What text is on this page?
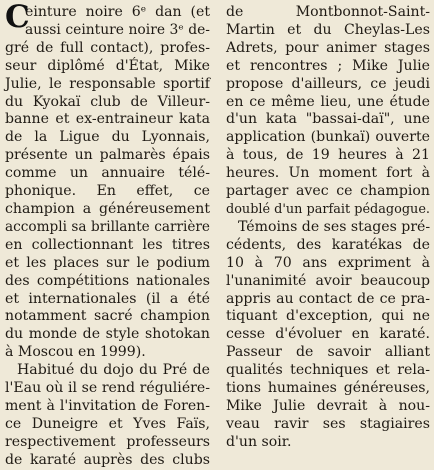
C
einture noire 6ᵉ dan (et
aussi ceinture noire 3ᵉ de-
gré de full contact), profes-
seur diplômé d'État, Mike
Julie, le responsable sportif
du Kyokaï club de Villeur-
banne et ex-entraineur kata
de la Ligue du Lyonnais,
présente un palmarès épais
comme un annuaire télé-
phonique. En effet, ce
champion a généreusement
accompli sa brillante carrière
en collectionnant les titres
et les places sur le podium
des compétitions nationales
et internationales (il a été
notamment sacré champion
du monde de style shotokan
à Moscou en 1999).
Habitué du dojo du Pré de
l'Eau où il se rend réguliére-
ment à l'invitation de Foren-
ce Duneigre et Yves Faïs,
respectivement professeurs
de karaté auprès des clubs
de Montbonnot-Saint-
Martin et du Cheylas-Les
Adrets, pour animer stages
et rencontres ; Mike Julie
propose d'ailleurs, ce jeudi
en ce même lieu, une étude
d'un kata "bassai-daï", une
application (bunkaï) ouverte
à tous, de 19 heures à 21
heures. Un moment fort à
partager avec ce champion
doublé d'un parfait pédagogue.
Témoins de ses stages pré-
cédents, des karatékas de
10 à 70 ans expriment à
l'unanimité avoir beaucoup
appris au contact de ce pra-
tiquant d'exception, qui ne
cesse d'évoluer en karaté.
Passeur de savoir alliant
qualités techniques et rela-
tions humaines généreuses,
Mike Julie devrait à nou-
veau ravir ses stagiaires
d'un soir.
